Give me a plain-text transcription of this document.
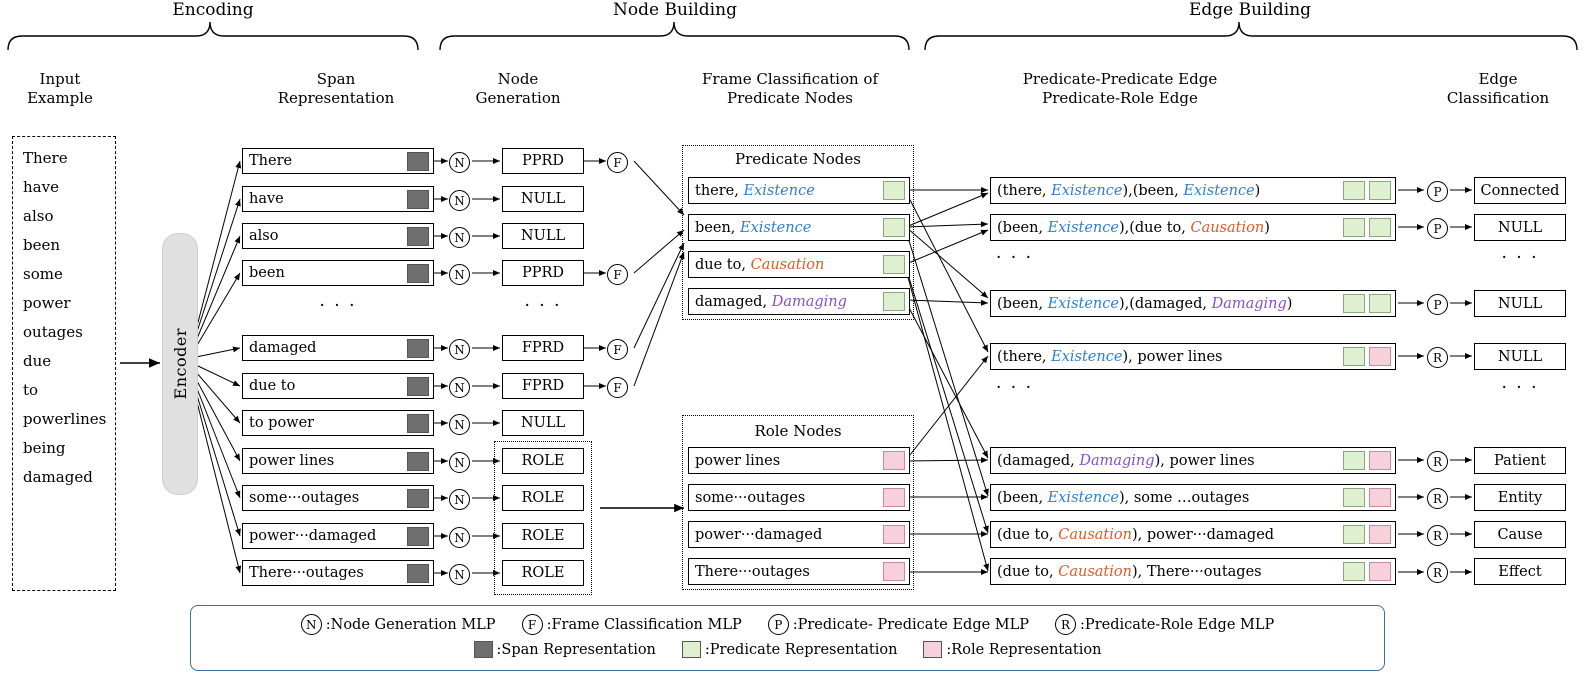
Encoding	Node Building	Edge Building
Input
Example
Span
Representation
Node
Generation
Frame Classification of
Predicate Nodes
Predicate-Predicate Edge
Predicate-Role Edge
Edge
Classification
There
have
also
been
some
power
outages
due
to
powerlines
being
damaged
Encoder
There
have
also
been
· · ·
damaged
due to
to power
power lines
some···outages
power···damaged
There···outages
N
N
N
N
N
N
N
N
N
N
N
PPRD
NULL
NULL
PPRD
· · ·
FPRD
FPRD
NULL
ROLE
ROLE
ROLE
ROLE
F
F
F
F
Predicate Nodes
there, Existence
been, Existence
due to, Causation
damaged, Damaging
Role Nodes
power lines
some···outages
power···damaged
There···outages
(there, Existence),(been, Existence)
(been, Existence),(due to, Causation)
· · ·
(been, Existence),(damaged, Damaging)
(there, Existence), power lines
· · ·
(damaged, Damaging), power lines
(been, Existence), some …outages
(due to, Causation), power···damaged
(due to, Causation), There···outages
P
P
P
R
R
R
R
R
Connected
NULL
· · ·
NULL
NULL
· · ·
Patient
Entity
Cause
Effect
N :Node Generation MLP	F :Frame Classification MLP	P :Predicate- Predicate Edge MLP	R :Predicate-Role Edge MLP
:Span Representation	:Predicate Representation	:Role Representation
